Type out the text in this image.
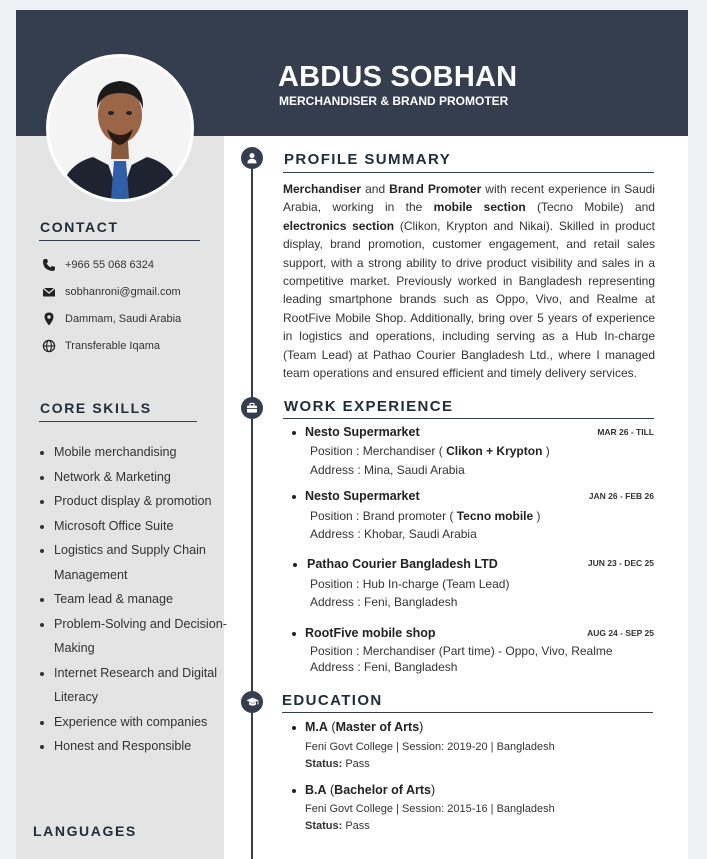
ABDUS SOBHAN
MERCHANDISER & BRAND PROMOTER
CONTACT
+966 55 068 6324
sobhanroni@gmail.com
Dammam, Saudi Arabia
Transferable Iqama
CORE SKILLS
• Mobile merchandising
• Network & Marketing
• Product display & promotion
• Microsoft Office Suite
• Logistics and Supply Chain Management
• Team lead & manage
• Problem-Solving and Decision-Making
• Internet Research and Digital Literacy
• Experience with companies
• Honest and Responsible
LANGUAGES
PROFILE SUMMARY
Merchandiser and Brand Promoter with recent experience in Saudi Arabia, working in the mobile section (Tecno Mobile) and electronics section (Clikon, Krypton and Nikai). Skilled in product display, brand promotion, customer engagement, and retail sales support, with a strong ability to drive product visibility and sales in a competitive market. Previously worked in Bangladesh representing leading smartphone brands such as Oppo, Vivo, and Realme at RootFive Mobile Shop. Additionally, bring over 5 years of experience in logistics and operations, including serving as a Hub In-charge (Team Lead) at Pathao Courier Bangladesh Ltd., where I managed team operations and ensured efficient and timely delivery services.
WORK EXPERIENCE
Nesto Supermarket	MAR 26 - TILL
Position : Merchandiser ( Clikon + Krypton )
Address : Mina, Saudi Arabia
Nesto Supermarket	JAN 26 - FEB 26
Position : Brand promoter ( Tecno mobile )
Address : Khobar, Saudi Arabia
Pathao Courier Bangladesh LTD	JUN 23 - DEC 25
Position : Hub In-charge (Team Lead)
Address : Feni, Bangladesh
RootFive mobile shop	AUG 24 - SEP 25
Position : Merchandiser (Part time) - Oppo, Vivo, Realme
Address : Feni, Bangladesh
EDUCATION
M.A (Master of Arts)
Feni Govt College | Session: 2019-20 | Bangladesh
Status: Pass
B.A (Bachelor of Arts)
Feni Govt College | Session: 2015-16 | Bangladesh
Status: Pass
